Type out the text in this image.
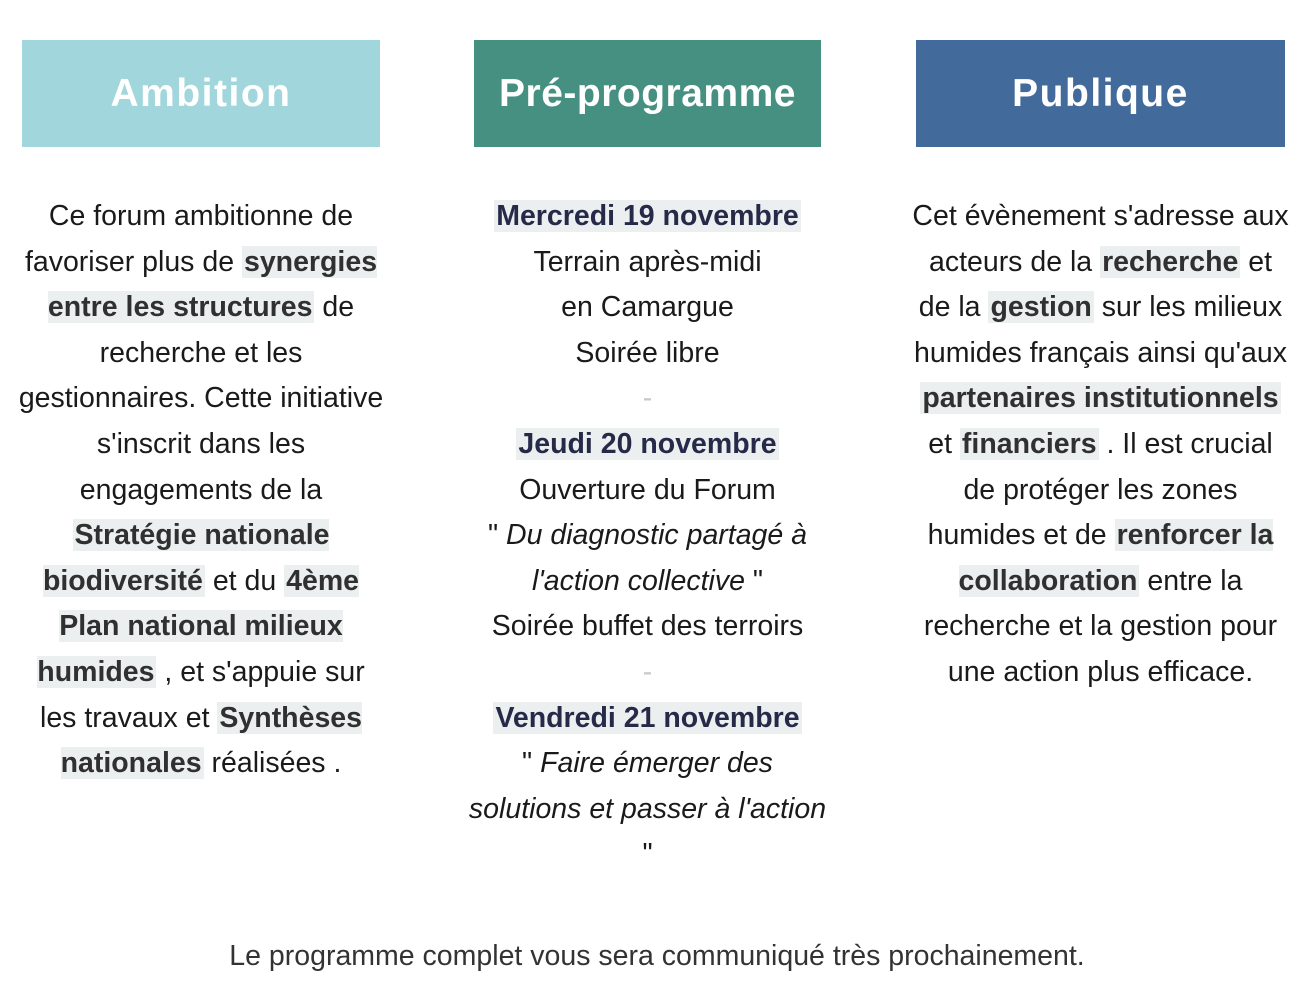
Ambition
Ce forum ambitionne de favoriser plus de synergies entre les structures de recherche et les gestionnaires. Cette initiative s'inscrit dans les engagements de la Stratégie nationale biodiversité et du 4ème Plan national milieux humides , et s'appuie sur les travaux et Synthèses nationales réalisées .
Pré-programme
Mercredi 19 novembre
Terrain après-midi
en Camargue
Soirée libre
-
Jeudi 20 novembre
Ouverture du Forum
" Du diagnostic partagé à l'action collective "
Soirée buffet des terroirs
-
Vendredi 21 novembre
" Faire émerger des solutions et passer à l'action "
Publique
Cet évènement s'adresse aux acteurs de la recherche et de la gestion sur les milieux humides français ainsi qu'aux partenaires institutionnels et financiers . Il est crucial de protéger les zones humides et de renforcer la collaboration entre la recherche et la gestion pour une action plus efficace.
Le programme complet vous sera communiqué très prochainement.
